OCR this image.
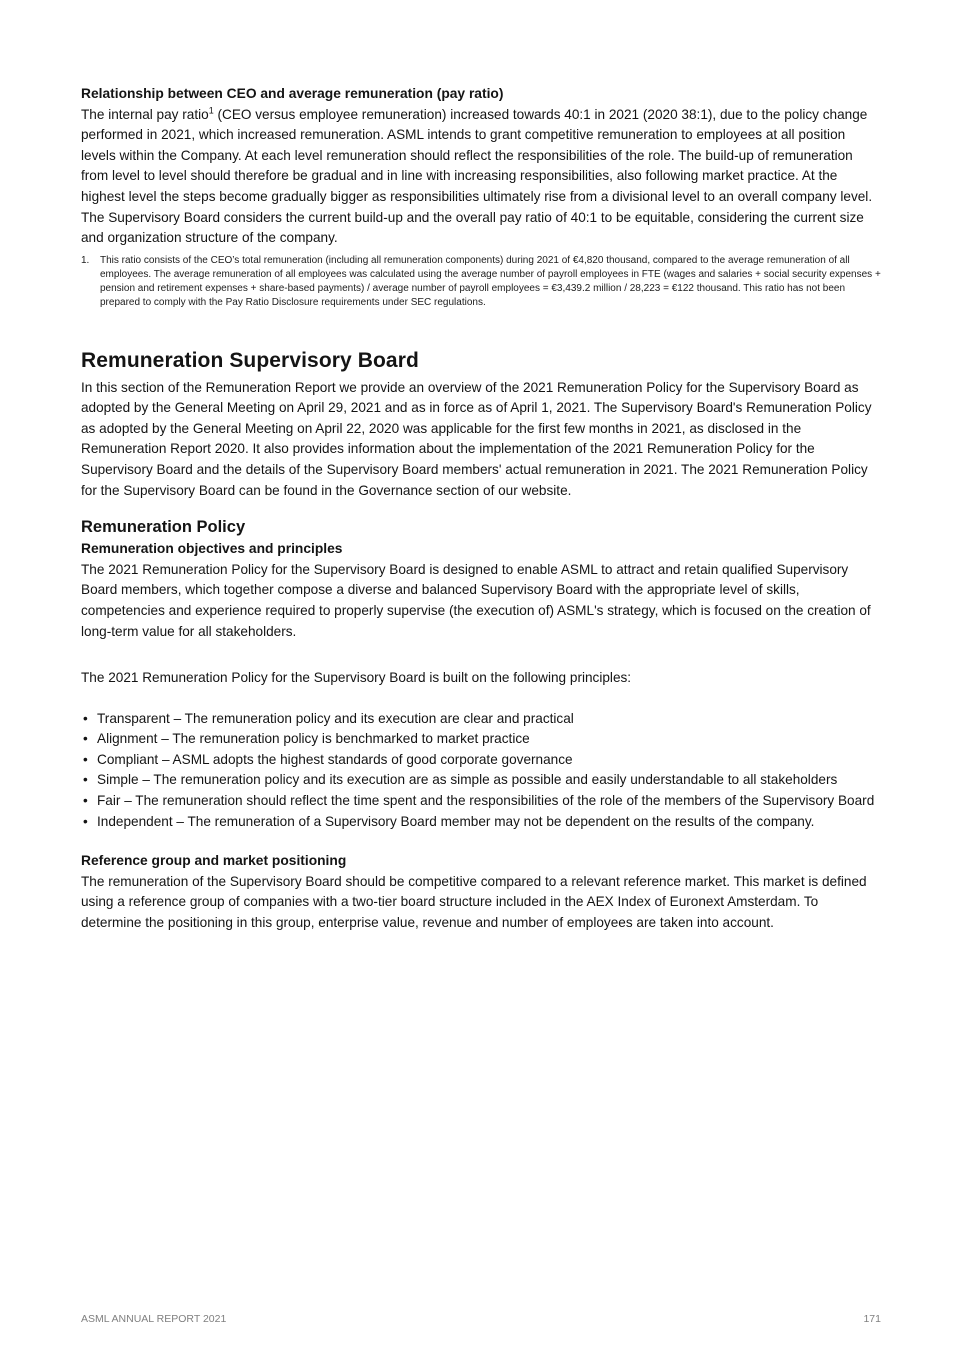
Relationship between CEO and average remuneration (pay ratio)

The internal pay ratio$^1$ (CEO versus employee remuneration) increased towards 40:1 in 2021 (2020 38:1), due to the policy change performed in 2021, which increased remuneration. ASML intends to grant competitive remuneration to employees at all position levels within the Company. At each level remuneration should reflect the responsibilities of the role. The build-up of remuneration from level to level should therefore be gradual and in line with increasing responsibilities, also following market practice. At the highest level the steps become gradually bigger as responsibilities ultimately rise from a divisional level to an overall company level. The Supervisory Board considers the current build-up and the overall pay ratio of 40:1 to be equitable, considering the current size and organization structure of the company.

1.	This ratio consists of the CEO’s total remuneration (including all remuneration components) during 2021 of €4,820 thousand, compared to the average remuneration of all employees. The average remuneration of all employees was calculated using the average number of payroll employees in FTE (wages and salaries + social security expenses + pension and retirement expenses + share-based payments) / average number of payroll employees = €3,439.2 million / 28,223 = €122 thousand. This ratio has not been prepared to comply with the Pay Ratio Disclosure requirements under SEC regulations.
Remuneration Supervisory Board

In this section of the Remuneration Report we provide an overview of the 2021 Remuneration Policy for the Supervisory Board as adopted by the General Meeting on April 29, 2021 and as in force as of April 1, 2021. The Supervisory Board's Remuneration Policy as adopted by the General Meeting on April 22, 2020 was applicable for the first few months in 2021, as disclosed in the Remuneration Report 2020. It also provides information about the implementation of the 2021 Remuneration Policy for the Supervisory Board and the details of the Supervisory Board members' actual remuneration in 2021. The 2021 Remuneration Policy for the Supervisory Board can be found in the Governance section of our website.

Remuneration Policy
Remuneration objectives and principles

The 2021 Remuneration Policy for the Supervisory Board is designed to enable ASML to attract and retain qualified Supervisory Board members, which together compose a diverse and balanced Supervisory Board with the appropriate level of skills, competencies and experience required to properly supervise (the execution of) ASML's strategy, which is focused on the creation of long-term value for all stakeholders.

The 2021 Remuneration Policy for the Supervisory Board is built on the following principles:

• Transparent – The remuneration policy and its execution are clear and practical
• Alignment – The remuneration policy is benchmarked to market practice
• Compliant – ASML adopts the highest standards of good corporate governance
• Simple – The remuneration policy and its execution are as simple as possible and easily understandable to all stakeholders
• Fair – The remuneration should reflect the time spent and the responsibilities of the role of the members of the Supervisory Board
• Independent – The remuneration of a Supervisory Board member may not be dependent on the results of the company.
Reference group and market positioning

The remuneration of the Supervisory Board should be competitive compared to a relevant reference market. This market is defined using a reference group of companies with a two-tier board structure included in the AEX Index of Euronext Amsterdam. To determine the positioning in this group, enterprise value, revenue and number of employees are taken into account.

ASML ANNUAL REPORT 2021	171
